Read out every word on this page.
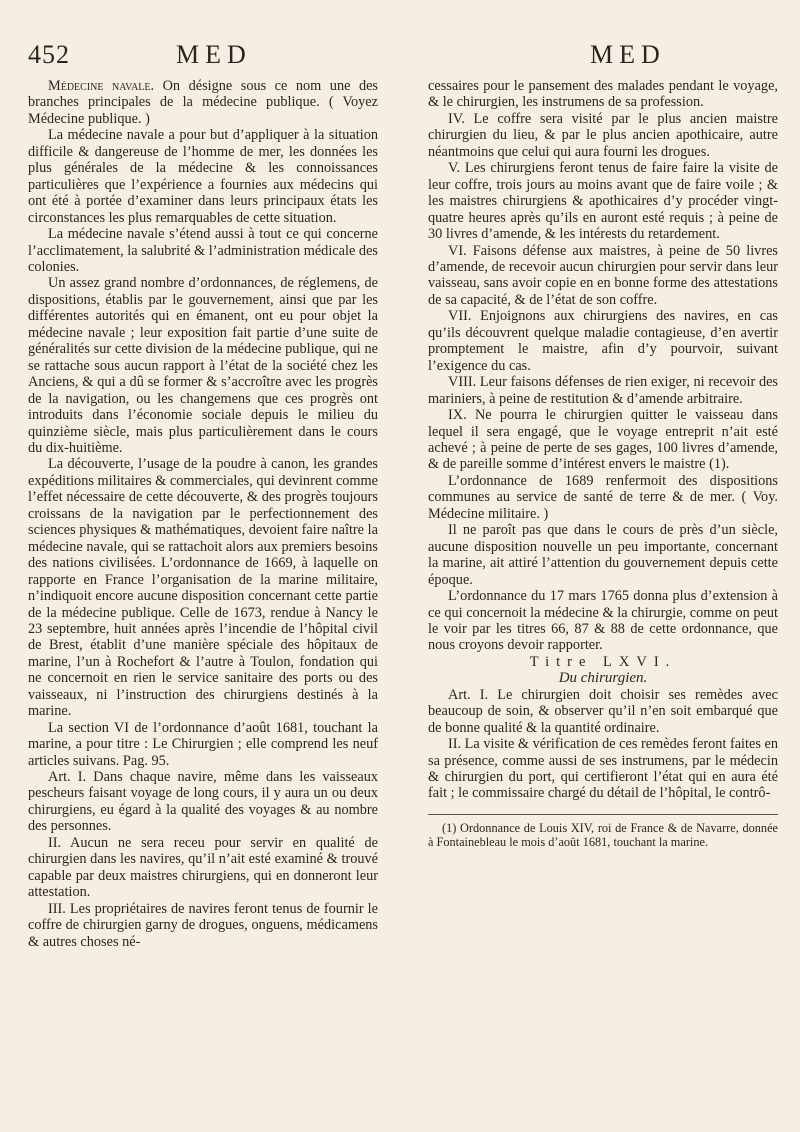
452	MED	MED

Médecine navale. On désigne sous ce nom une des branches principales de la médecine publique. ( Voyez Médecine publique. )

La médecine navale a pour but d’appliquer à la situation difficile & dangereuse de l’homme de mer, les données les plus générales de la médecine & les connoissances particulières que l’expérience a fournies aux médecins qui ont été à portée d’examiner dans leurs principaux états les circonstances les plus remarquables de cette situation.

La médecine navale s’étend aussi à tout ce qui concerne l’acclimatement, la salubrité & l’administration médicale des colonies.

Un assez grand nombre d’ordonnances, de réglemens, de dispositions, établis par le gouvernement, ainsi que par les différentes autorités qui en émanent, ont eu pour objet la médecine navale ; leur exposition fait partie d’une suite de généralités sur cette division de la médecine publique, qui ne se rattache sous aucun rapport à l’état de la société chez les Anciens, & qui a dû se former & s’accroître avec les progrès de la navigation, ou les changemens que ces progrès ont introduits dans l’économie sociale depuis le milieu du quinzième siècle, mais plus particulièrement dans le cours du dix-huitième.

La découverte, l’usage de la poudre à canon, les grandes expéditions militaires & commerciales, qui devinrent comme l’effet nécessaire de cette découverte, & des progrès toujours croissans de la navigation par le perfectionnement des sciences physiques & mathématiques, devoient faire naître la médecine navale, qui se rattachoit alors aux premiers besoins des nations civilisées. L’ordonnance de 1669, à laquelle on rapporte en France l’organisation de la marine militaire, n’indiquoit encore aucune disposition concernant cette partie de la médecine publique. Celle de 1673, rendue à Nancy le 23 septembre, huit années après l’incendie de l’hôpital civil de Brest, établit d’une manière spéciale des hôpitaux de marine, l’un à Rochefort & l’autre à Toulon, fondation qui ne concernoit en rien le service sanitaire des ports ou des vaisseaux, ni l’instruction des chirurgiens destinés à la marine.

La section VI de l’ordonnance d’août 1681, touchant la marine, a pour titre : Le Chirurgien ; elle comprend les neuf articles suivans. Pag. 95.

Art. I. Dans chaque navire, même dans les vaisseaux pescheurs faisant voyage de long cours, il y aura un ou deux chirurgiens, eu égard à la qualité des voyages & au nombre des personnes.

II. Aucun ne sera receu pour servir en qualité de chirurgien dans les navires, qu’il n’ait esté examiné & trouvé capable par deux maistres chirurgiens, qui en donneront leur attestation.

III. Les propriétaires de navires feront tenus de fournir le coffre de chirurgien garny de drogues, onguens, médicamens & autres choses né-

cessaires pour le pansement des malades pendant le voyage, & le chirurgien, les instrumens de sa profession.

IV. Le coffre sera visité par le plus ancien maistre chirurgien du lieu, & par le plus ancien apothicaire, autre néantmoins que celui qui aura fourni les drogues.

V. Les chirurgiens feront tenus de faire faire la visite de leur coffre, trois jours au moins avant que de faire voile ; & les maistres chirurgiens & apothicaires d’y procéder vingt-quatre heures après qu’ils en auront esté requis ; à peine de 30 livres d’amende, & les intérests du retardement.

VI. Faisons défense aux maistres, à peine de 50 livres d’amende, de recevoir aucun chirurgien pour servir dans leur vaisseau, sans avoir copie en en bonne forme des attestations de sa capacité, & de l’état de son coffre.

VII. Enjoignons aux chirurgiens des navires, en cas qu’ils découvrent quelque maladie contagieuse, d’en avertir promptement le maistre, afin d’y pourvoir, suivant l’exigence du cas.

VIII. Leur faisons défenses de rien exiger, ni recevoir des mariniers, à peine de restitution & d’amende arbitraire.

IX. Ne pourra le chirurgien quitter le vaisseau dans lequel il sera engagé, que le voyage entreprit n’ait esté achevé ; à peine de perte de ses gages, 100 livres d’amende, & de pareille somme d’intérest envers le maistre (1).

L’ordonnance de 1689 renfermoit des dispositions communes au service de santé de terre & de mer. ( Voy. Médecine militaire. )

Il ne paroît pas que dans le cours de près d’un siècle, aucune disposition nouvelle un peu importante, concernant la marine, ait attiré l’attention du gouvernement depuis cette époque.

L’ordonnance du 17 mars 1765 donna plus d’extension à ce qui concernoit la médecine & la chirurgie, comme on peut le voir par les titres 66, 87 & 88 de cette ordonnance, que nous croyons devoir rapporter.

Titre LXVI.

Du chirurgien.

Art. I. Le chirurgien doit choisir ses remèdes avec beaucoup de soin, & observer qu’il n’en soit embarqué que de bonne qualité & la quantité ordinaire.

II. La visite & vérification de ces remèdes feront faites en sa présence, comme aussi de ses instrumens, par le médecin & chirurgien du port, qui certifieront l’état qui en aura été fait ; le commissaire chargé du détail de l’hôpital, le contrô-

(1) Ordonnance de Louis XIV, roi de France & de Navarre, donnée à Fontainebleau le mois d’août 1681, touchant la marine.
